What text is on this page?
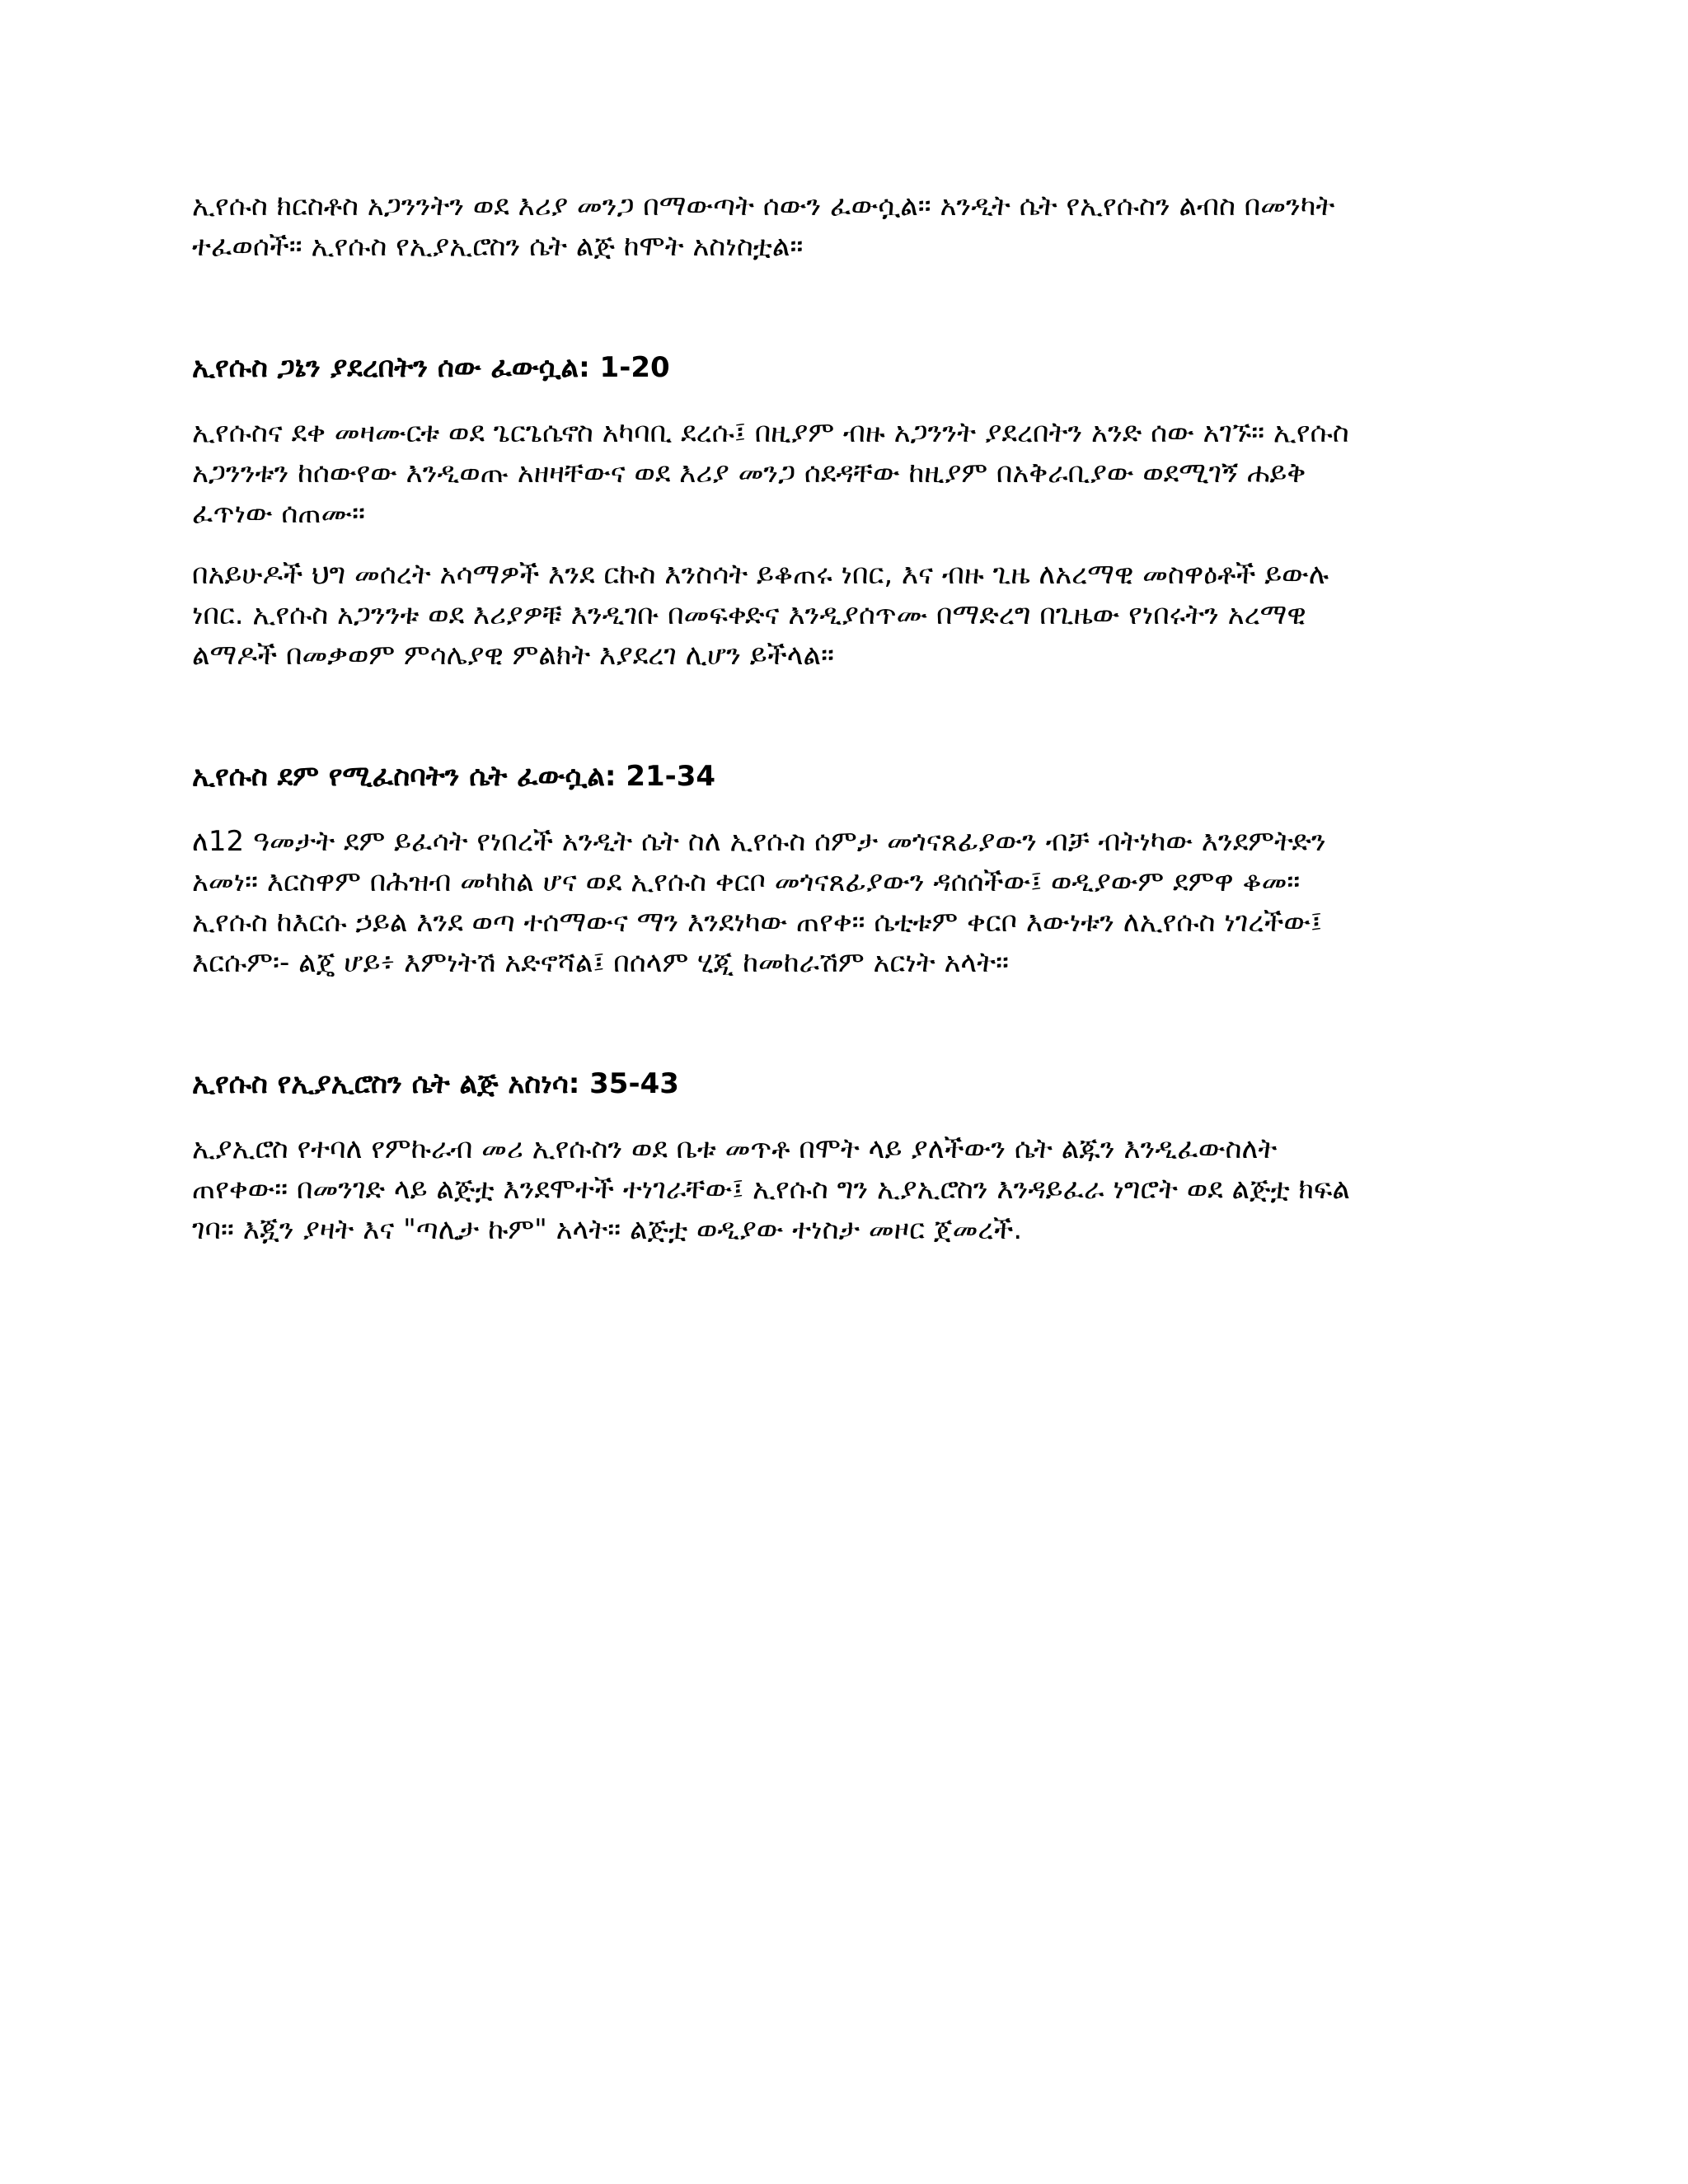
ኢየሱስ ክርስቶስ አጋንንትን ወደ እሪያ መንጋ በማውጣት ሰውን ፈውሷል። አንዲት ሴት የኢየሱስን ልብስ በመንካት
ተፈወሰች። ኢየሱስ የኢያኢሮስን ሴት ልጅ ከሞት አስነስቷል።

ኢየሱስ ጋኔን ያደረበትን ሰው ፈውሷል: 1-20

ኢየሱስና ደቀ መዛሙርቱ ወደ ጌርጌሴኖስ አካባቢ ደረሱ፤ በዚያም ብዙ አጋንንት ያደረበትን አንድ ሰው አገኙ። ኢየሱስ
አጋንንቱን ከሰውየው እንዲወጡ አዘዛቸውና ወደ እሪያ መንጋ ሰደዳቸው ከዚያም በአቅራቢያው ወደሚገኝ ሐይቅ
ፈጥነው ሰጠሙ።

በአይሁዶች ህግ መሰረት አሳማዎች እንደ ርኩስ እንስሳት ይቆጠሩ ነበር, እና ብዙ ጊዜ ለአረማዊ መስዋዕቶች ይውሉ
ነበር. ኢየሱስ አጋንንቱ ወደ እሪያዎቹ እንዲገቡ በመፍቀድና እንዲያሰጥሙ በማድረግ በጊዜው የነበሩትን አረማዊ
ልማዶች በመቃወም ምሳሌያዊ ምልክት እያደረገ ሊሆን ይችላል።

ኢየሱስ ደም የሚፈስባትን ሴት ፈውሷል: 21-34

ለ12 ዓመታት ደም ይፈሳት የነበረች አንዲት ሴት ስለ ኢየሱስ ሰምታ መጎናጸፊያውን ብቻ ብትነካው እንደምትድን
አመነ። እርስዋም በሕዝብ መካከል ሆና ወደ ኢየሱስ ቀርቦ መጎናጸፊያውን ዳሰሰችው፤ ወዲያውም ደምዋ ቆመ።
ኢየሱስ ከእርሱ ኃይል እንደ ወጣ ተሰማውና ማን እንደነካው ጠየቀ። ሴቲቱም ቀርቦ እውነቱን ለኢየሱስ ነገረችው፤
እርሱም፡- ልጄ ሆይ፥ እምነትሽ አድኖሻል፤ በሰላም ሂጂ ከመከራሽም አርነት አላት።

ኢየሱስ የኢያኢሮስን ሴት ልጅ አስነሳ: 35-43

ኢያኢሮስ የተባለ የምኩራብ መሪ ኢየሱስን ወደ ቤቱ መጥቶ በሞት ላይ ያለችውን ሴት ልጁን እንዲፈውስለት
ጠየቀው። በመንገድ ላይ ልጅቷ እንደሞተች ተነገራቸው፤ ኢየሱስ ግን ኢያኢሮስን እንዳይፈራ ነግሮት ወደ ልጅቷ ክፍል
ገባ። እጇን ያዛት እና "ጣሊታ ኩም" አላት። ልጅቷ ወዲያው ተነስታ መዞር ጀመረች.
